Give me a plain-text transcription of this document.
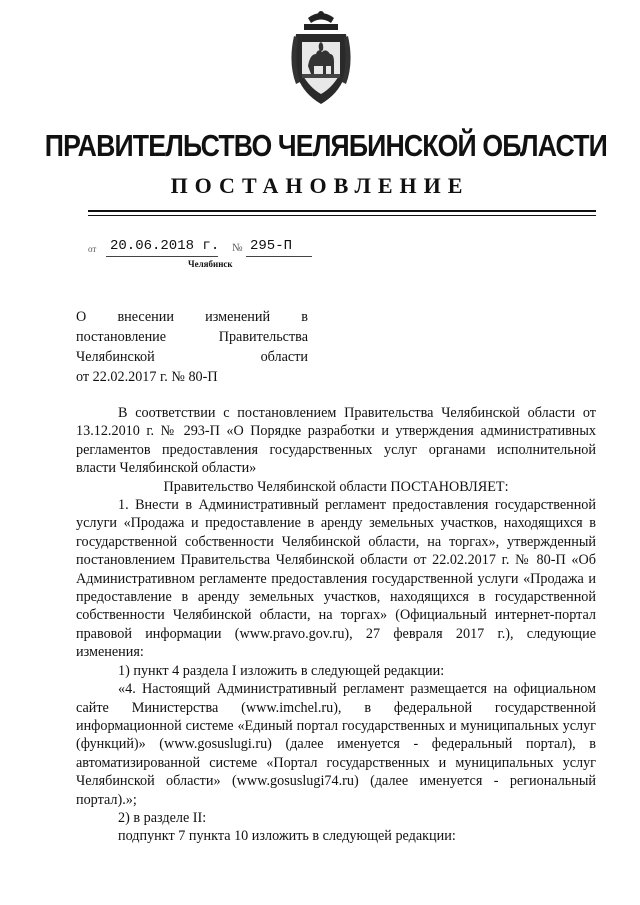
ПРАВИТЕЛЬСТВО ЧЕЛЯБИНСКОЙ ОБЛАСТИ
ПОСТАНОВЛЕНИЕ
от 20.06.2018 г. № 295-П
Челябинск
О внесении изменений в
постановление Правительства
Челябинской области
от 22.02.2017 г. № 80-П

В соответствии с постановлением Правительства Челябинской области от 13.12.2010 г. № 293-П «О Порядке разработки и утверждения административных регламентов предоставления государственных услуг органами исполнительной власти Челябинской области»

Правительство Челябинской области ПОСТАНОВЛЯЕТ:

1. Внести в Административный регламент предоставления государственной услуги «Продажа и предоставление в аренду земельных участков, находящихся в государственной собственности Челябинской области, на торгах», утвержденный постановлением Правительства Челябинской области от 22.02.2017 г. № 80-П «Об Административном регламенте предоставления государственной услуги «Продажа и предоставление в аренду земельных участков, находящихся в государственной собственности Челябинской области, на торгах» (Официальный интернет-портал правовой информации (www.pravo.gov.ru), 27 февраля 2017 г.), следующие изменения:

1) пункт 4 раздела I изложить в следующей редакции:

«4. Настоящий Административный регламент размещается на официальном сайте Министерства (www.imchel.ru), в федеральной государственной информационной системе «Единый портал государственных и муниципальных услуг (функций)» (www.gosuslugi.ru) (далее именуется - федеральный портал), в автоматизированной системе «Портал государственных и муниципальных услуг Челябинской области» (www.gosuslugi74.ru) (далее именуется - региональный портал).»;

2) в разделе II:

подпункт 7 пункта 10 изложить в следующей редакции:
